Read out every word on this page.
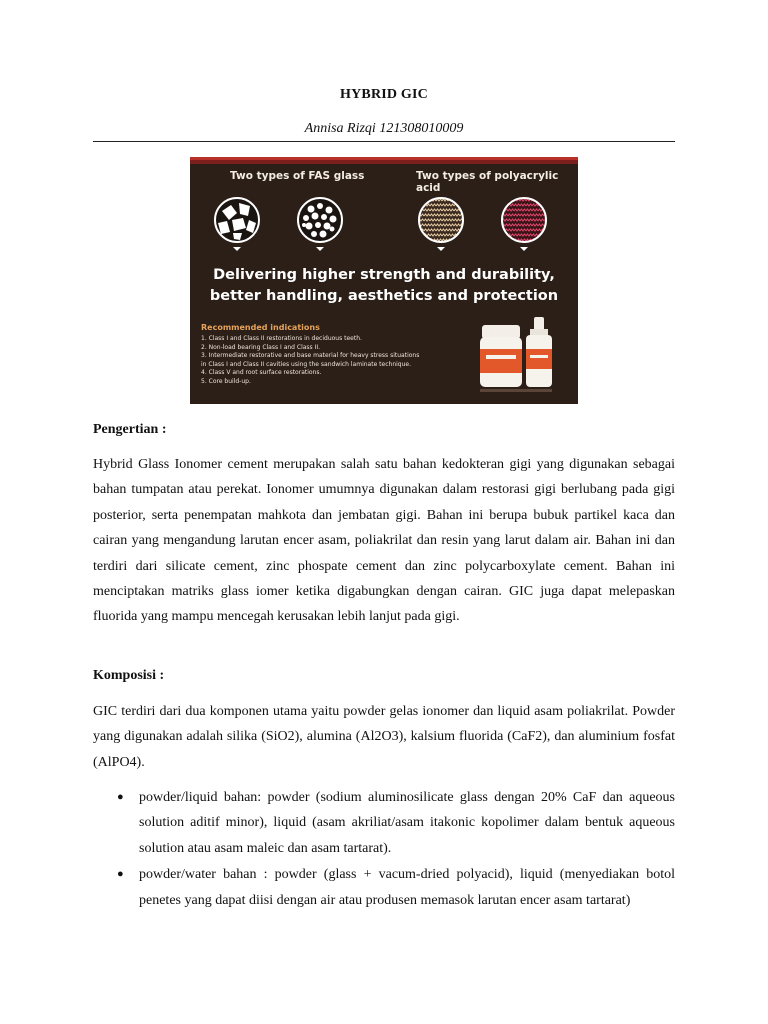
HYBRID GIC
Annisa Rizqi 121308010009
Two types of FAS glass	Two types of polyacrylic acid
Delivering higher strength and durability,
better handling, aesthetics and protection
Recommended indications
1. Class I and Class II restorations in deciduous teeth.
2. Non-load bearing Class I and Class II.
3. Intermediate restorative and base material for heavy stress situations
in Class I and Class II cavities using the sandwich laminate technique.
4. Class V and root surface restorations.
5. Core build-up.
Pengertian :

Hybrid Glass Ionomer cement merupakan salah satu bahan kedokteran gigi yang digunakan sebagai bahan tumpatan atau perekat. Ionomer umumnya digunakan dalam restorasi gigi berlubang pada gigi posterior, serta penempatan mahkota dan jembatan gigi. Bahan ini berupa bubuk partikel kaca dan cairan yang mengandung larutan encer asam, poliakrilat dan resin yang larut dalam air. Bahan ini dan terdiri dari silicate cement, zinc phospate cement dan zinc polycarboxylate cement. Bahan ini menciptakan matriks glass iomer ketika digabungkan dengan cairan. GIC juga dapat melepaskan fluorida yang mampu mencegah kerusakan lebih lanjut pada gigi.

Komposisi :

GIC terdiri dari dua komponen utama yaitu powder gelas ionomer dan liquid asam poliakrilat. Powder yang digunakan adalah silika (SiO2), alumina (Al2O3), kalsium fluorida (CaF2), dan aluminium fosfat (AlPO4).

● powder/liquid bahan: powder (sodium aluminosilicate glass dengan 20% CaF dan aqueous solution aditif minor), liquid (asam akriliat/asam itakonic kopolimer dalam bentuk aqueous solution atau asam maleic dan asam tartarat).
● powder/water bahan : powder (glass + vacum-dried polyacid), liquid (menyediakan botol penetes yang dapat diisi dengan air atau produsen memasok larutan encer asam tartarat)
